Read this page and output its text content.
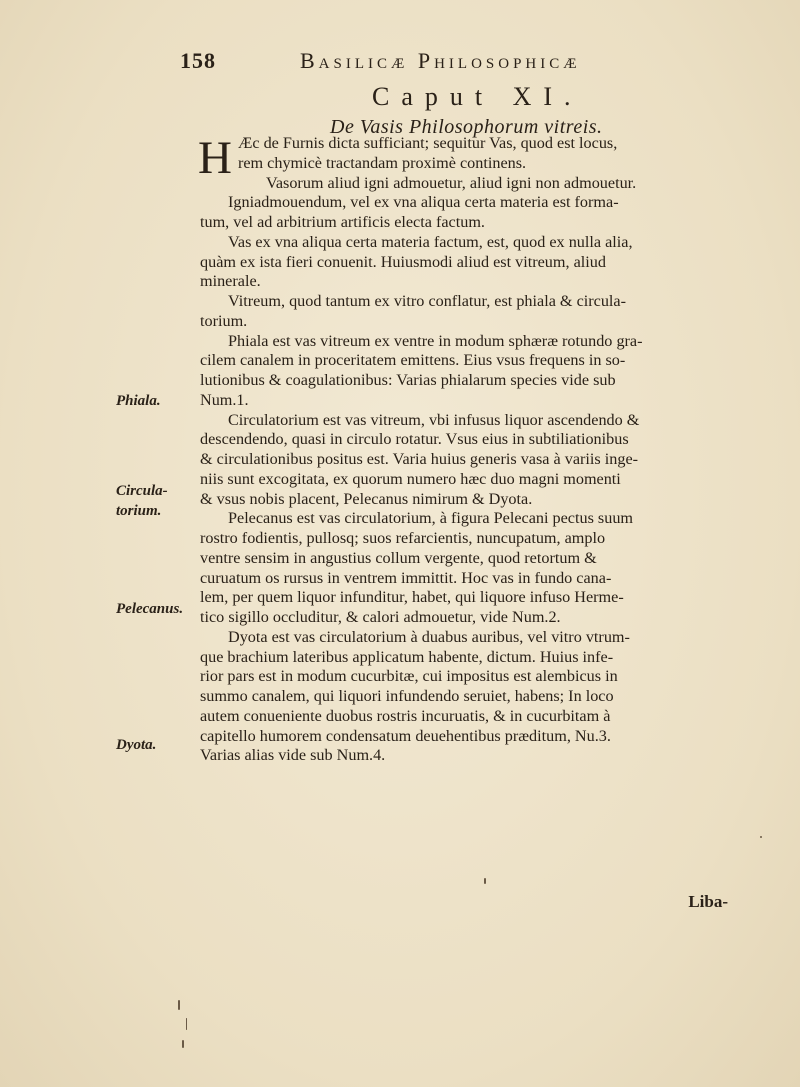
158	Basilicæ Philosophicæ
Caput XI.
De Vasis Philosophorum vitreis.

H Æc de Furnis dicta sufficiant; sequitur Vas, quod est locus,
rem chymicè tractandam proximè continens.

Vasorum aliud igni admouetur, aliud igni non admouetur.

Igniadmouendum, vel ex vna aliqua certa materia est forma-
tum, vel ad arbitrium artificis electa factum.

Vas ex vna aliqua certa materia factum, est, quod ex nulla alia,
quàm ex ista fieri conuenit. Huiusmodi aliud est vitreum, aliud
minerale.

Vitreum, quod tantum ex vitro conflatur, est phiala & circula-
torium.

Phiala est vas vitreum ex ventre in modum sphæræ rotundo gra-
cilem canalem in proceritatem emittens. Eius vsus frequens in so-
lutionibus & coagulationibus: Varias phialarum species vide sub
Num.1.

Circulatorium est vas vitreum, vbi infusus liquor ascendendo &
descendendo, quasi in circulo rotatur. Vsus eius in subtiliationibus
& circulationibus positus est. Varia huius generis vasa à variis inge-
niis sunt excogitata, ex quorum numero hæc duo magni momenti
& vsus nobis placent, Pelecanus nimirum & Dyota.

Pelecanus est vas circulatorium, à figura Pelecani pectus suum
rostro fodientis, pullosq; suos refarcientis, nuncupatum, amplo
ventre sensim in angustius collum vergente, quod retortum &
curuatum os rursus in ventrem immittit. Hoc vas in fundo cana-
lem, per quem liquor infunditur, habet, qui liquore infuso Herme-
tico sigillo occluditur, & calori admouetur, vide Num.2.

Dyota est vas circulatorium à duabus auribus, vel vitro vtrum-
que brachium lateribus applicatum habente, dictum. Huius infe-
rior pars est in modum cucurbitæ, cui impositus est alembicus in
summo canalem, qui liquori infundendo seruiet, habens; In loco
autem conueniente duobus rostris incuruatis, & in cucurbitam à
capitello humorem condensatum deuehentibus præditum, Nu.3.
Varias alias vide sub Num.4.

Phiala.
Circula-
torium.
Pelecanus.
Dyota.
Liba-
